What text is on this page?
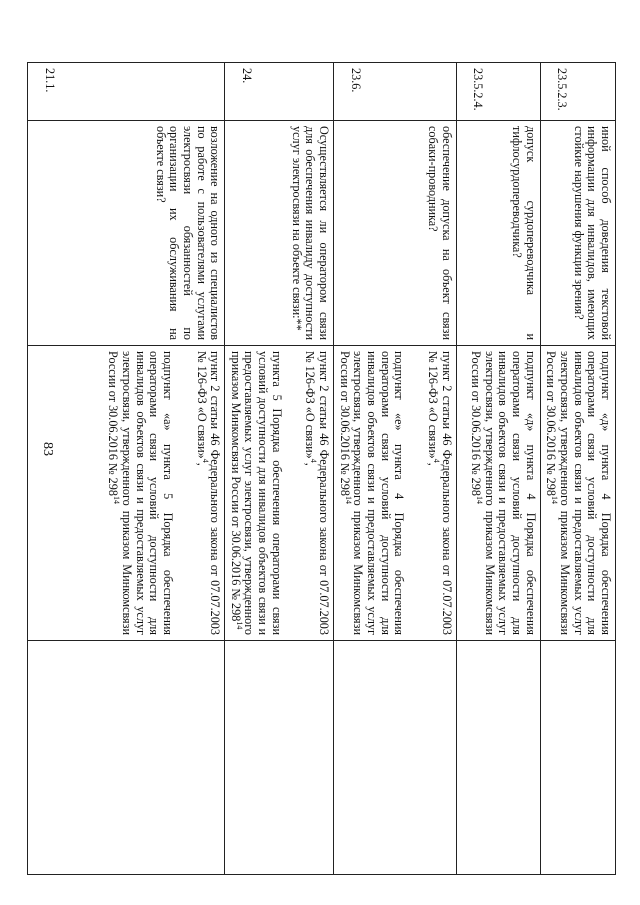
83
23.5.2.3.	иной способ доведения текстовой информации для инвалидов, имеющих стойкие нарушения функции зрения?	подпункт «д» пункта 4 Порядка обеспечения операторами связи условий доступности для инвалидов объектов связи и предоставляемых услуг электросвязи, утвержденного приказом Минкомсвязи России от 30.06.2016 № $298^{14}$

23.5.2.4.	допуск сурдопереводчика и тифлосурдопереводчика?	подпункт «д» пункта 4 Порядка обеспечения операторами связи условий доступности для инвалидов объектов связи и предоставляемых услуг электросвязи, утвержденного приказом Минкомсвязи России от 30.06.2016 № $298^{14}$

23.6.	обеспечение допуска на объект связи собаки-проводника?	пункт 2 статьи 46 Федерального закона от 07.07.2003 № 126-ФЗ «О связи»$^4$,
подпункт «е» пункта 4 Порядка обеспечения операторами связи условий доступности для инвалидов объектов связи и предоставляемых услуг электросвязи, утвержденного приказом Минкомсвязи России от 30.06.2016 № $298^{14}$

24.	Осуществляется ли оператором связи для обеспечения инвалиду доступности услуг электросвязи на объекте связи:**	пункт 2 статьи 46 Федерального закона от 07.07.2003 № 126-ФЗ «О связи»$^4$,
пункта 5 Порядка обеспечения операторами связи условий доступности для инвалидов объектов связи и предоставляемых услуг электросвязи, утвержденного приказом Минкомсвязи России от 30.06.2016 № $298^{14}$

21.1.	возложение на одного из специалистов по работе с пользователями услугами электросвязи обязанностей по организации их обслуживания на объекте связи?	пункт 2 статьи 46 Федерального закона от 07.07.2003 № 126-ФЗ «О связи»$^4$,
подпункт «а» пункта 5 Порядка обеспечения операторами связи условий доступности для инвалидов объектов связи и предоставляемых услуг электросвязи, утвержденного приказом Минкомсвязи России от 30.06.2016 № $298^{14}$
